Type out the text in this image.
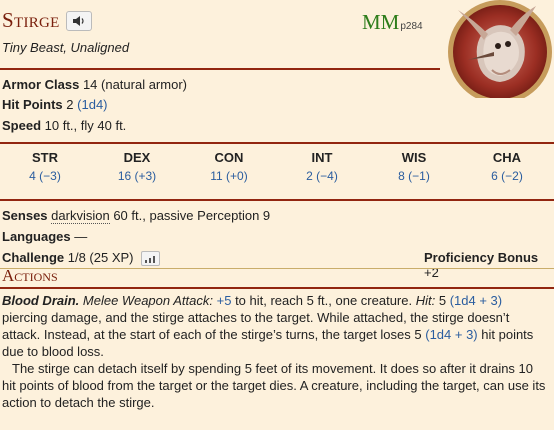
Stirge
Tiny Beast, Unaligned
MM p284
Armor Class 14 (natural armor)
Hit Points 2 (1d4)
Speed 10 ft., fly 40 ft.
STR
4 (−3)
DEX
16 (+3)
CON
11 (+0)
INT
2 (−4)
WIS
8 (−1)
CHA
6 (−2)
Senses darkvision 60 ft., passive Perception 9
Languages —
Challenge 1/8 (25 XP)	Proficiency Bonus +2
Actions

Blood Drain. Melee Weapon Attack: +5 to hit, reach 5 ft., one creature. Hit: 5 (1d4 + 3) piercing damage, and the stirge attaches to the target. While attached, the stirge doesn’t attack. Instead, at the start of each of the stirge’s turns, the target loses 5 (1d4 + 3) hit points due to blood loss.

The stirge can detach itself by spending 5 feet of its movement. It does so after it drains 10 hit points of blood from the target or the target dies. A creature, including the target, can use its action to detach the stirge.
